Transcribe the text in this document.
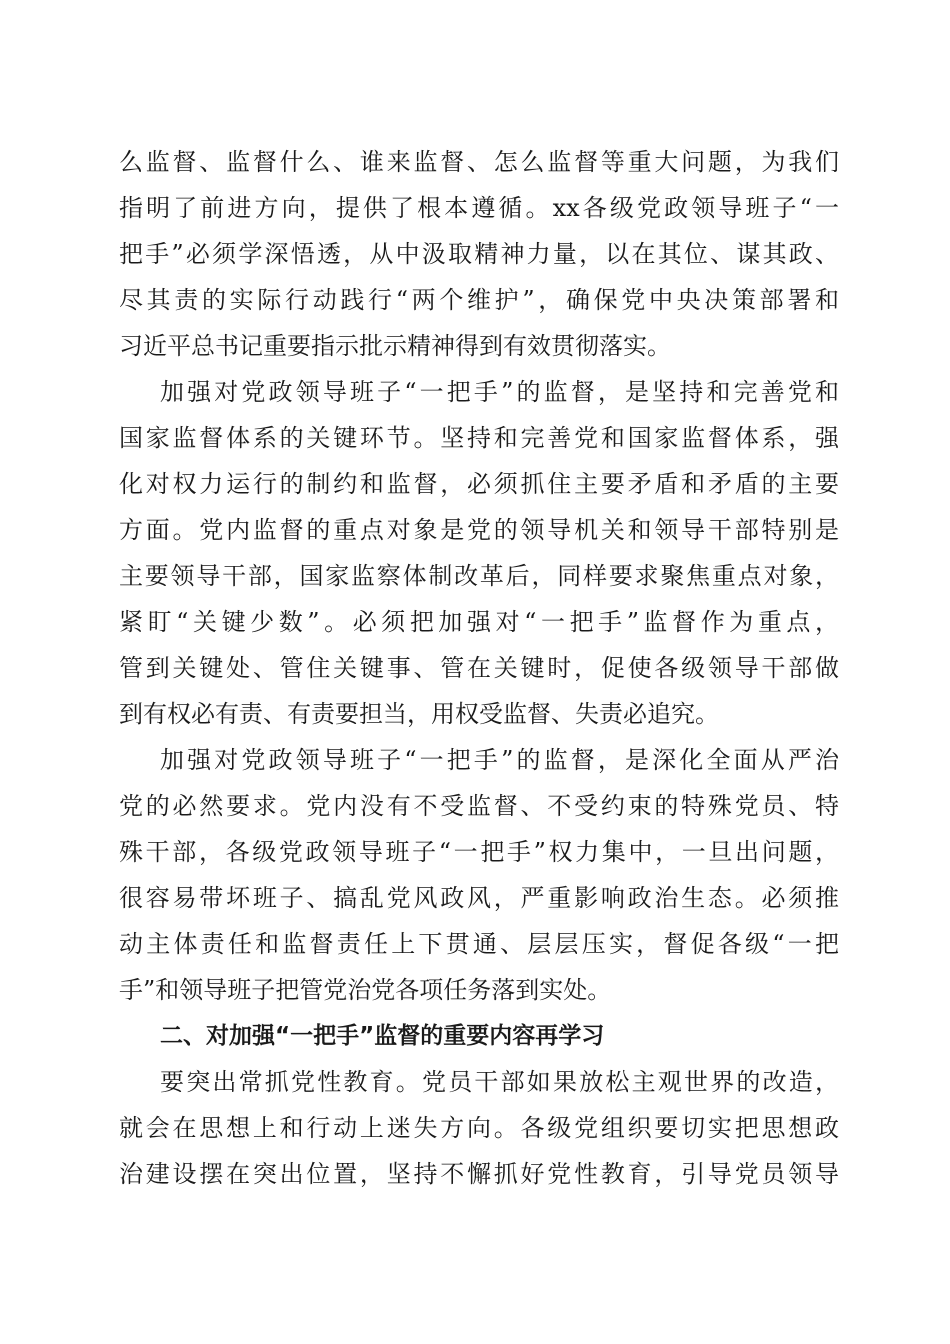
么监督、监督什么、谁来监督、怎么监督等重大问题，为我们
指明了前进方向，提供了根本遵循。xx各级党政领导班子“一
把手”必须学深悟透，从中汲取精神力量，以在其位、谋其政、
尽其责的实际行动践行“两个维护”，确保党中央决策部署和
习近平总书记重要指示批示精神得到有效贯彻落实。
加强对党政领导班子“一把手”的监督，是坚持和完善党和
国家监督体系的关键环节。坚持和完善党和国家监督体系，强
化对权力运行的制约和监督，必须抓住主要矛盾和矛盾的主要
方面。党内监督的重点对象是党的领导机关和领导干部特别是
主要领导干部，国家监察体制改革后，同样要求聚焦重点对象，
紧盯“关键少数”。必须把加强对“一把手”监督作为重点，
管到关键处、管住关键事、管在关键时，促使各级领导干部做
到有权必有责、有责要担当，用权受监督、失责必追究。
加强对党政领导班子“一把手”的监督，是深化全面从严治
党的必然要求。党内没有不受监督、不受约束的特殊党员、特
殊干部，各级党政领导班子“一把手”权力集中，一旦出问题，
很容易带坏班子、搞乱党风政风，严重影响政治生态。必须推
动主体责任和监督责任上下贯通、层层压实，督促各级“一把
手”和领导班子把管党治党各项任务落到实处。
二、对加强“一把手”监督的重要内容再学习
要突出常抓党性教育。党员干部如果放松主观世界的改造，
就会在思想上和行动上迷失方向。各级党组织要切实把思想政
治建设摆在突出位置，坚持不懈抓好党性教育，引导党员领导
